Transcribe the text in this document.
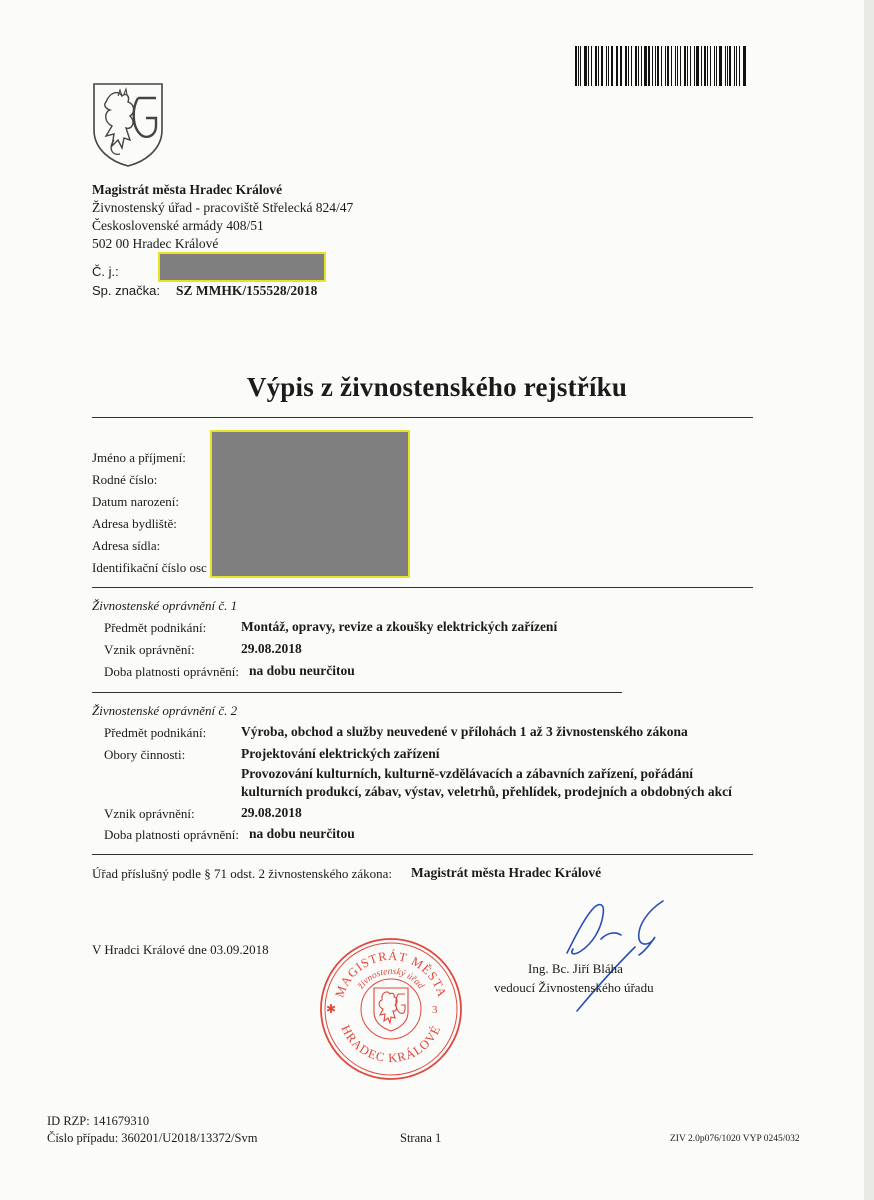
Magistrát města Hradec Králové
Živnostenský úřad - pracoviště Střelecká 824/47
Československé armády 408/51
502 00 Hradec Králové
Č. j.:
Sp. značka: SZ MMHK/155528/2018
Výpis z živnostenského rejstříku
Jméno a příjmení:
Rodné číslo:
Datum narození:
Adresa bydliště:
Adresa sídla:
Identifikační číslo osc
Živnostenské oprávnění č. 1
Předmět podnikání:	Montáž, opravy, revize a zkoušky elektrických zařízení
Vznik oprávnění:	29.08.2018
Doba platnosti oprávnění: na dobu neurčitou
Živnostenské oprávnění č. 2
Předmět podnikání:	Výroba, obchod a služby neuvedené v přílohách 1 až 3 živnostenského zákona
Obory činnosti:	Projektování elektrických zařízení
Provozování kulturních, kulturně-vzdělávacích a zábavních zařízení, pořádání
kulturních produkcí, zábav, výstav, veletrhů, přehlídek, prodejních a obdobných akcí
Vznik oprávnění:	29.08.2018
Doba platnosti oprávnění: na dobu neurčitou
Úřad příslušný podle § 71 odst. 2 živnostenského zákona: Magistrát města Hradec Králové
V Hradci Králové dne 03.09.2018
MAGISTRÁT MĚSTA
živnostenský úřad
HRADEC KRÁLOVÉ
3
✱
Ing. Bc. Jiří Bláha
vedoucí Živnostenského úřadu
ID RZP: 141679310
Číslo případu: 360201/U2018/13372/Svm	Strana 1	ZIV 2.0p076/1020 VYP 0245/032
